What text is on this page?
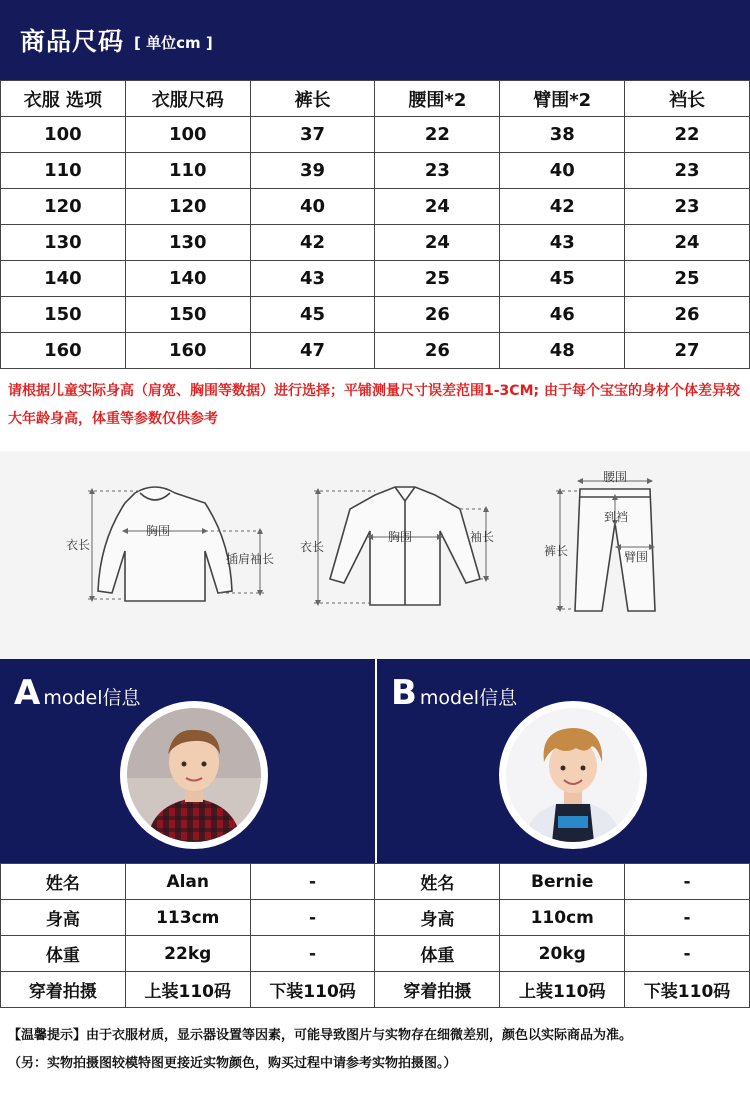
商品尺码 [ 单位cm ]
衣服 选项	衣服尺码	裤长	腰围*2	臂围*2	裆长
100	100	37	22	38	22
110	110	39	23	40	23
120	120	40	24	42	23
130	130	42	24	43	24
140	140	43	25	45	25
150	150	45	26	46	26
160	160	47	26	48	27
请根据儿童实际身高（肩宽、胸围等数据）进行选择；平铺测量尺寸误差范围1-3CM; 由于每个宝宝的身材个体差异较大年龄身高，体重等参数仅供参考
衣长
胸围
插肩袖长
衣长
胸围	袖长
腰围
到裆
臂围
裤长
A model信息	B model信息
姓名	Alan	-	姓名	Bernie	-
身高	113cm	-	身高	110cm	-
体重	22kg	-	体重	20kg	-
穿着拍摄	上装110码	下装110码	穿着拍摄	上装110码	下装110码
【温馨提示】由于衣服材质，显示器设置等因素，可能导致图片与实物存在细微差别，颜色以实际商品为准。
（另：实物拍摄图较模特图更接近实物颜色，购买过程中请参考实物拍摄图。）
